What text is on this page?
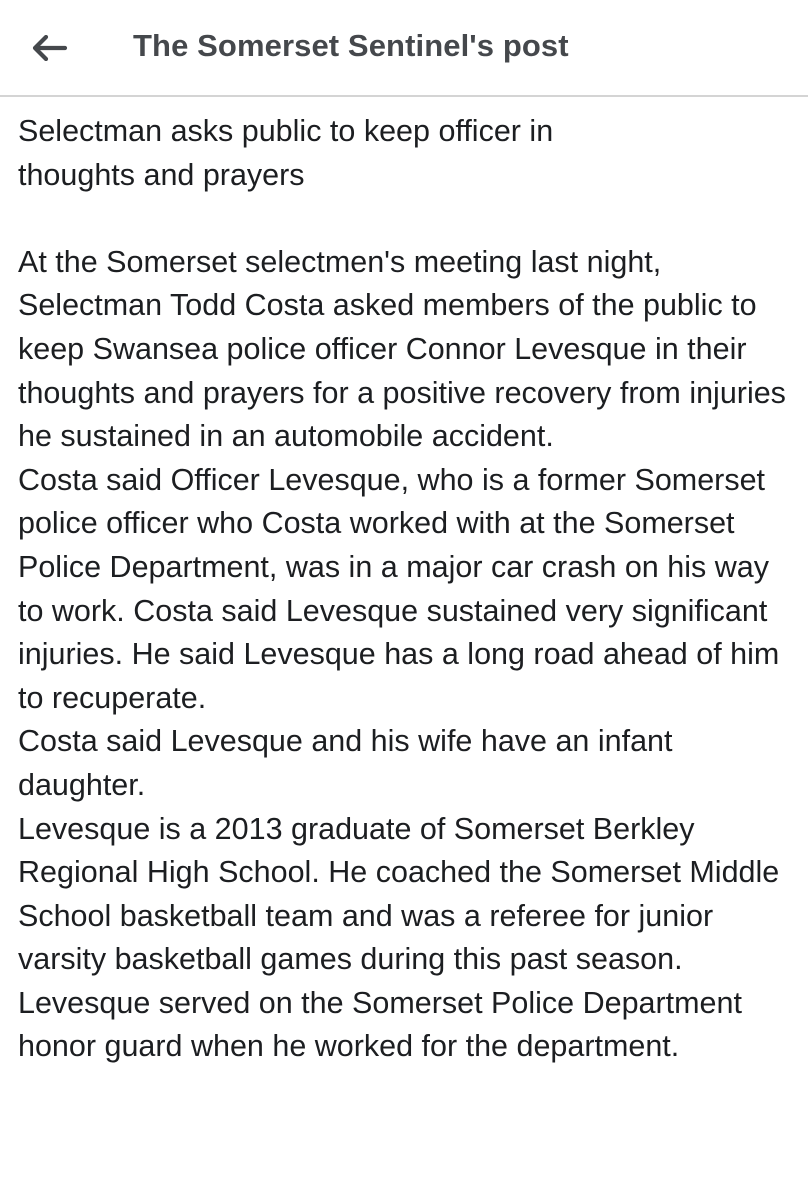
The Somerset Sentinel's post

Selectman asks public to keep officer in
thoughts and prayers

At the Somerset selectmen's meeting last night, Selectman Todd Costa asked members of the public to keep Swansea police officer Connor Levesque in their thoughts and prayers for a positive recovery from injuries he sustained in an automobile accident.

Costa said Officer Levesque, who is a former Somerset police officer who Costa worked with at the Somerset Police Department, was in a major car crash on his way to work. Costa said Levesque sustained very significant injuries. He said Levesque has a long road ahead of him to recuperate.

Costa said Levesque and his wife have an infant daughter.

Levesque is a 2013 graduate of Somerset Berkley Regional High School. He coached the Somerset Middle School basketball team and was a referee for junior varsity basketball games during this past season. Levesque served on the Somerset Police Department honor guard when he worked for the department.
